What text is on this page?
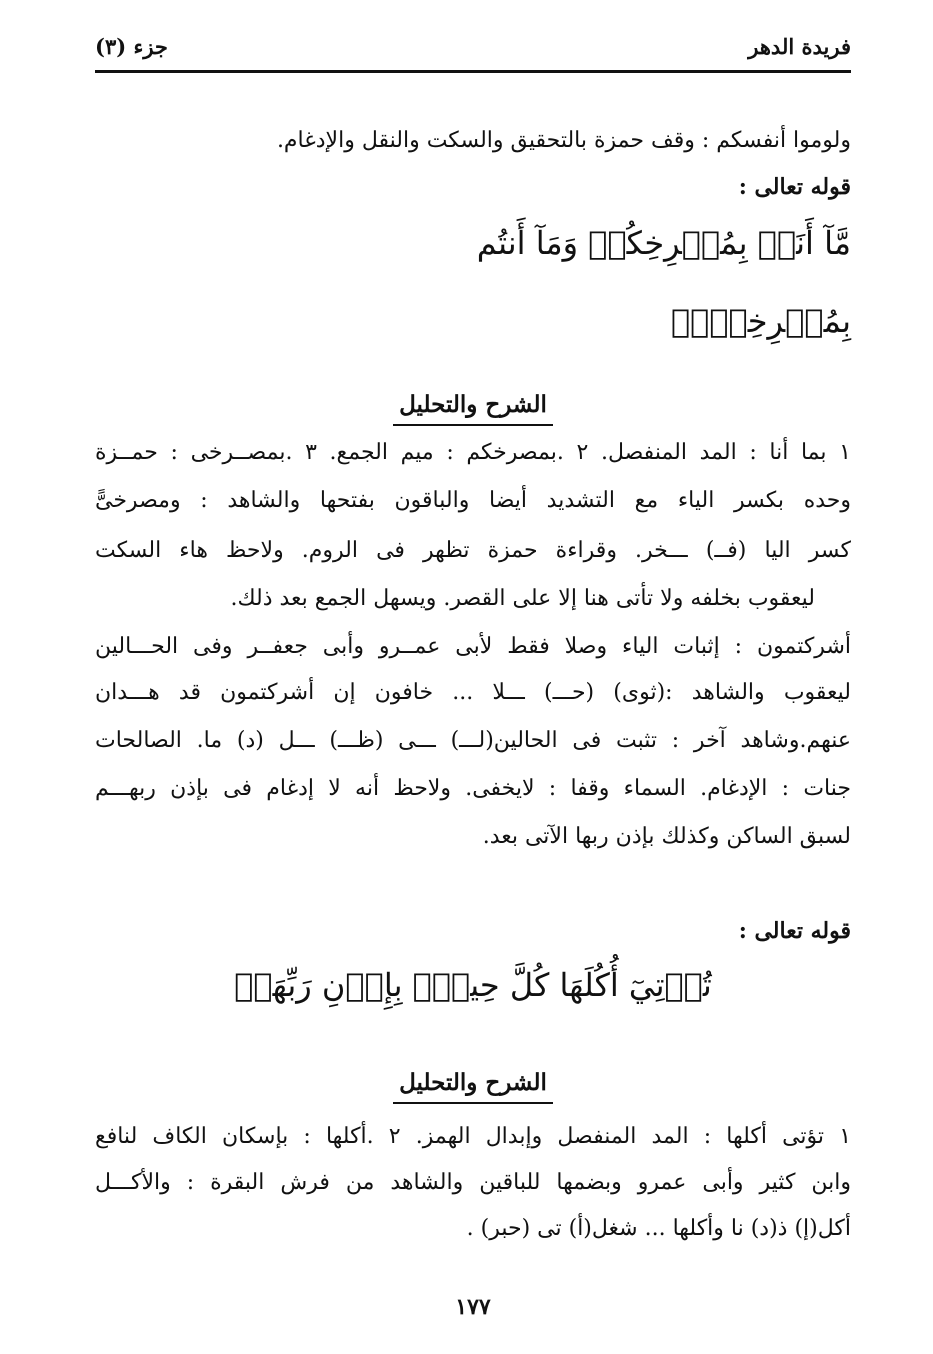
فريدة الدهر
جزء (٣)
ولوموا أنفسكم : وقف حمزة بالتحقيق والسكت والنقل والإدغام.
قوله تعالى :
مَّآ أَنَا۠ بِمُصۡرِخِكُمۡ وَمَآ أَنتُم
بِمُصۡرِخِيَّۖ
الشرح والتحليل
١ بما أنا : المد المنفصل. ٢ .بمصرخكم : ميم الجمع. ٣ .بمصــرخى : حمــزة
وحده بكسر الياء مع التشديد أيضا والباقون بفتحها والشاهد : ومصرخىًّ
كسر اليا (فــ) ـــخر. وقراءة حمزة تظهر فى الروم. ولاحظ هاء السكت
ليعقوب بخلفه ولا تأتى هنا إلا على القصر. ويسهل الجمع بعد ذلك.
أشركتمون : إثبات الياء وصلا فقط لأبى عمــرو وأبى جعفــر وفى الحـــالين
ليعقوب والشاهد :(ثوى) (حـــ) ـــلا ... خافون إن أشركتمون قد هـــدان
عنهم.وشاهد آخر : تثبت فى الحالين(لـــ) ـــى (ظـــ) ـــل (د) ما. الصالحات
جنات : الإدغام. السماء وقفا : لايخفى. ولاحظ أنه لا إدغام فى بإذن ربهـــم
لسبق الساكن وكذلك بإذن ربها الآتى بعد.
قوله تعالى :
تُؤۡتِيٓ أُكُلَهَا كُلَّ حِينِۭ بِإِذۡنِ رَبِّهَاۗ
الشرح والتحليل
١ تؤتى أكلها : المد المنفصل وإبدال الهمز. ٢ .أكلها : بإسكان الكاف لنافع
وابن كثير وأبى عمرو وبضمها للباقين والشاهد من فرش البقرة : والأكـــل
أكل(إ) ذ(د) نا وأكلها ... شغل(أ) تى (حبر) .
١٧٧
